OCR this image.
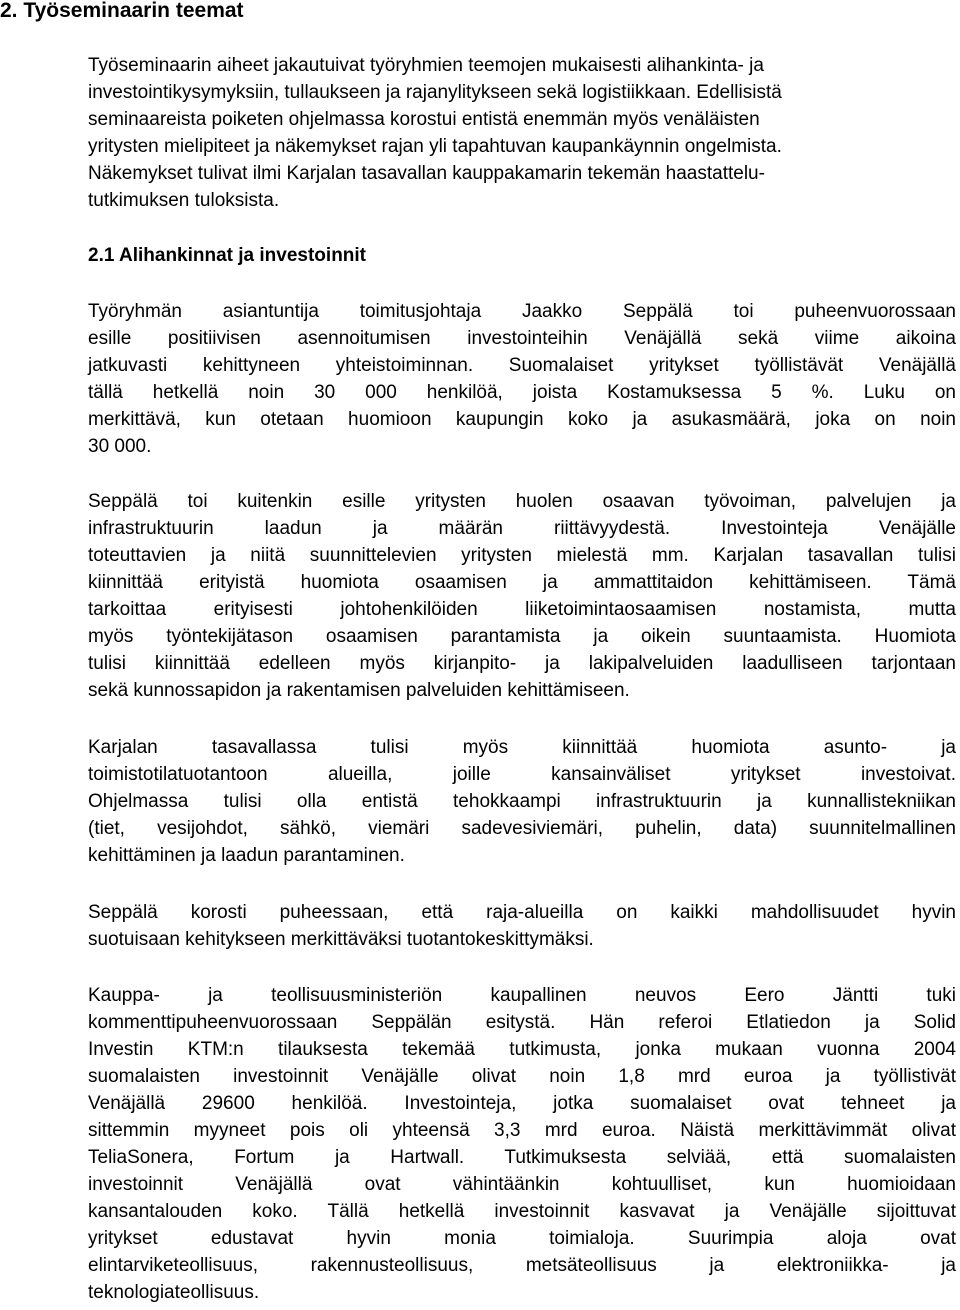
2. Työseminaarin teemat
Työseminaarin aiheet jakautuivat työryhmien teemojen mukaisesti alihankinta- ja
investointikysymyksiin, tullaukseen ja rajanylitykseen sekä logistiikkaan. Edellisistä
seminaareista poiketen ohjelmassa korostui entistä enemmän myös venäläisten
yritysten mielipiteet ja näkemykset rajan yli tapahtuvan kaupankäynnin ongelmista.
Näkemykset tulivat ilmi Karjalan tasavallan kauppakamarin tekemän haastattelu-
tutkimuksen tuloksista.
2.1 Alihankinnat ja investoinnit
Työryhmän asiantuntija toimitusjohtaja Jaakko Seppälä toi puheenvuorossaan
esille positiivisen asennoitumisen investointeihin Venäjällä sekä viime aikoina
jatkuvasti kehittyneen yhteistoiminnan. Suomalaiset yritykset työllistävät Venäjällä
tällä hetkellä noin 30 000 henkilöä, joista Kostamuksessa 5 %. Luku on
merkittävä, kun otetaan huomioon kaupungin koko ja asukasmäärä, joka on noin
30 000.
Seppälä toi kuitenkin esille yritysten huolen osaavan työvoiman, palvelujen ja
infrastruktuurin laadun ja määrän riittävyydestä. Investointeja Venäjälle
toteuttavien ja niitä suunnittelevien yritysten mielestä mm. Karjalan tasavallan tulisi
kiinnittää erityistä huomiota osaamisen ja ammattitaidon kehittämiseen. Tämä
tarkoittaa erityisesti johtohenkilöiden liiketoimintaosaamisen nostamista, mutta
myös työntekijätason osaamisen parantamista ja oikein suuntaamista. Huomiota
tulisi kiinnittää edelleen myös kirjanpito- ja lakipalveluiden laadulliseen tarjontaan
sekä kunnossapidon ja rakentamisen palveluiden kehittämiseen.
Karjalan tasavallassa tulisi myös kiinnittää huomiota asunto- ja
toimistotilatuotantoon alueilla, joille kansainväliset yritykset investoivat.
Ohjelmassa tulisi olla entistä tehokkaampi infrastruktuurin ja kunnallistekniikan
(tiet, vesijohdot, sähkö, viemäri sadevesiviemäri, puhelin, data) suunnitelmallinen
kehittäminen ja laadun parantaminen.
Seppälä korosti puheessaan, että raja-alueilla on kaikki mahdollisuudet hyvin
suotuisaan kehitykseen merkittäväksi tuotantokeskittymäksi.
Kauppa- ja teollisuusministeriön kaupallinen neuvos Eero Jäntti tuki
kommenttipuheenvuorossaan Seppälän esitystä. Hän referoi Etlatiedon ja Solid
Investin KTM:n tilauksesta tekemää tutkimusta, jonka mukaan vuonna 2004
suomalaisten investoinnit Venäjälle olivat noin 1,8 mrd euroa ja työllistivät
Venäjällä 29600 henkilöä. Investointeja, jotka suomalaiset ovat tehneet ja
sittemmin myyneet pois oli yhteensä 3,3 mrd euroa. Näistä merkittävimmät olivat
TeliaSonera, Fortum ja Hartwall. Tutkimuksesta selviää, että suomalaisten
investoinnit Venäjällä ovat vähintäänkin kohtuulliset, kun huomioidaan
kansantalouden koko. Tällä hetkellä investoinnit kasvavat ja Venäjälle sijoittuvat
yritykset edustavat hyvin monia toimialoja. Suurimpia aloja ovat
elintarviketeollisuus, rakennusteollisuus, metsäteollisuus ja elektroniikka- ja
teknologiateollisuus.
